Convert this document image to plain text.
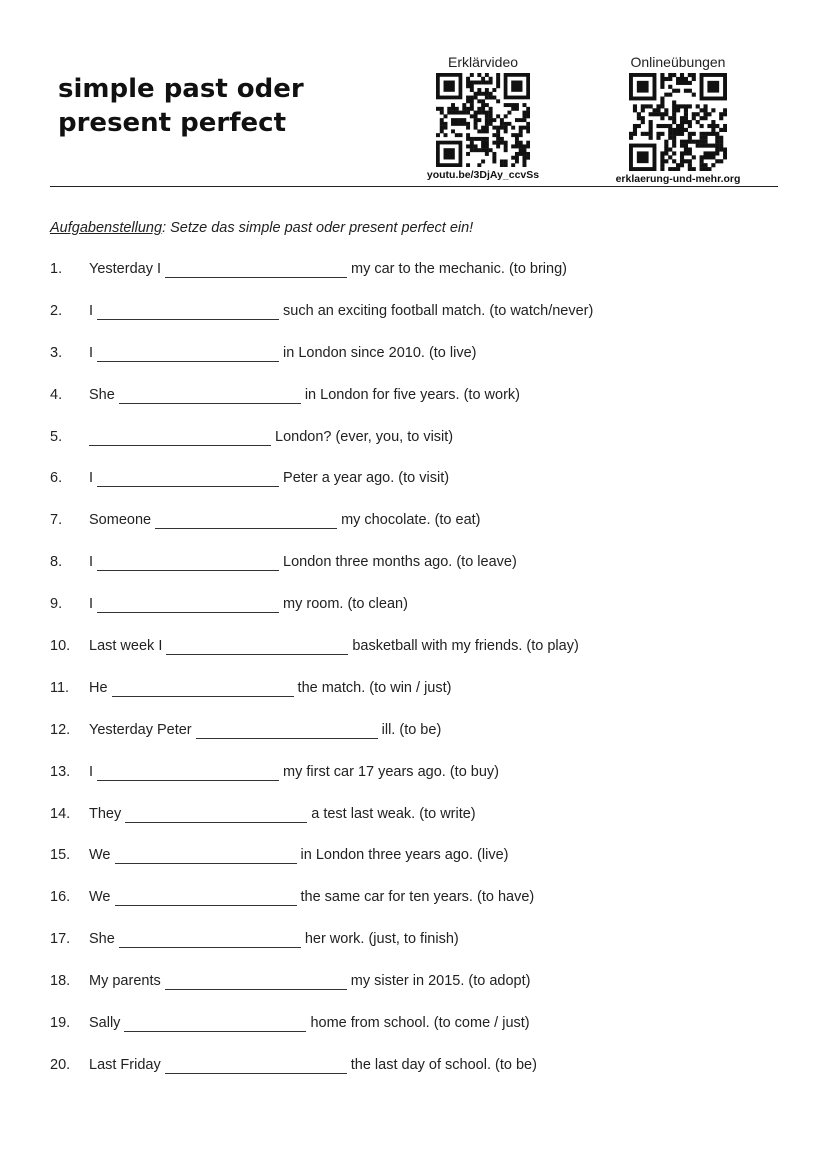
simple past oder
present perfect
Erklärvideo
youtu.be/3DjAy_ccvSs
Onlineübungen
erklaerung-und-mehr.org
Aufgabenstellung: Setze das simple past oder present perfect ein!
1.	Yesterday I	my car to the mechanic. (to bring)
2.	I	such an exciting football match. (to watch/never)
3.	I	in London since 2010. (to live)
4.	She	in London for five years. (to work)
5.	London? (ever, you, to visit)
6.	I	Peter a year ago. (to visit)
7.	Someone	my chocolate. (to eat)
8.	I	London three months ago. (to leave)
9.	I	my room. (to clean)
10.	Last week I	basketball with my friends. (to play)
11.	He	the match. (to win / just)
12.	Yesterday Peter	ill. (to be)
13.	I	my first car 17 years ago. (to buy)
14.	They	a test last weak. (to write)
15.	We	in London three years ago. (live)
16.	We	the same car for ten years. (to have)
17.	She	her work. (just, to finish)
18.	My parents	my sister in 2015. (to adopt)
19.	Sally	home from school. (to come / just)
20.	Last Friday	the last day of school. (to be)
